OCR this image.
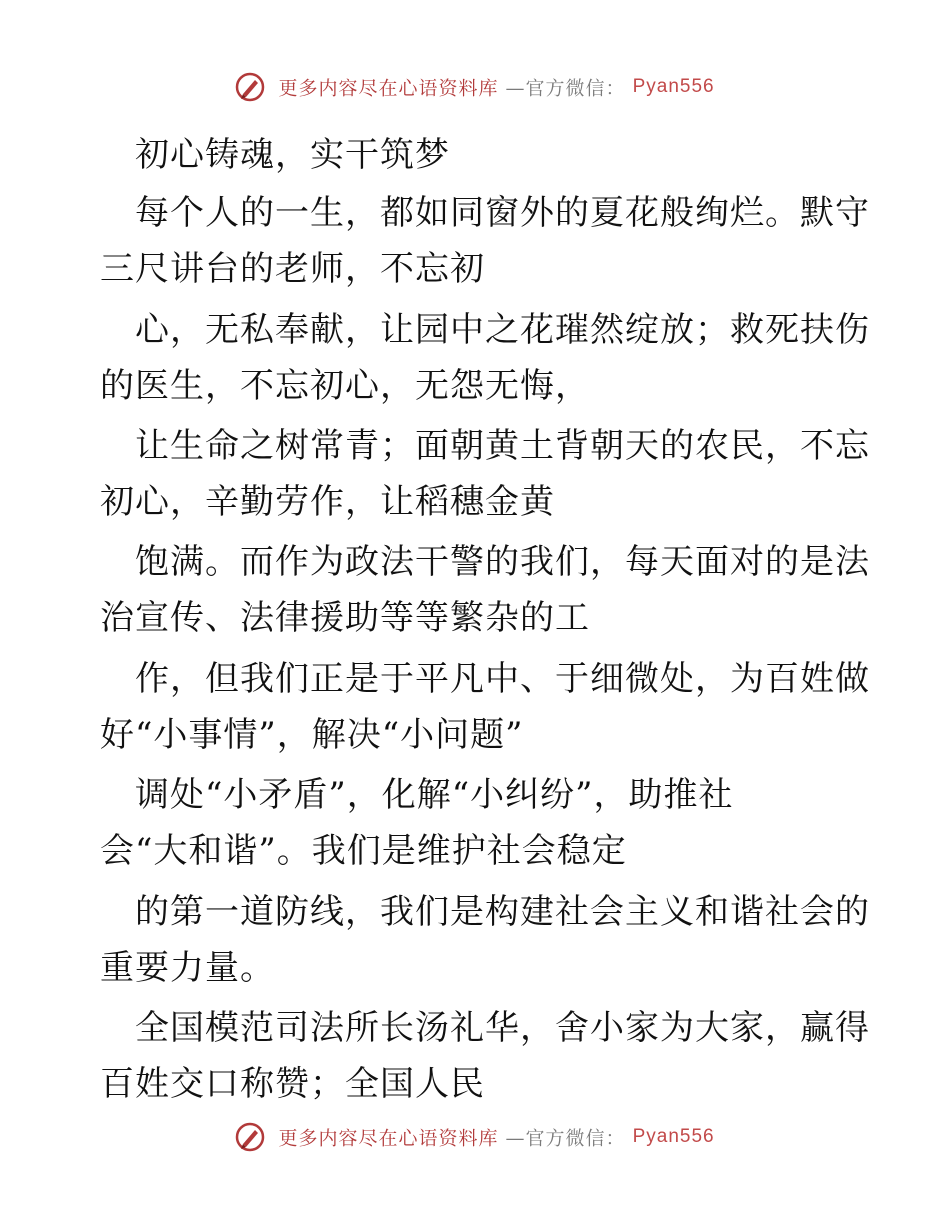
更多内容尽在心语资料库 —官方微信： Pyan556
初心铸魂，实干筑梦
每个人的一生，都如同窗外的夏花般绚烂。默守
三尺讲台的老师，不忘初
心，无私奉献，让园中之花璀然绽放；救死扶伤
的医生，不忘初心，无怨无悔，
让生命之树常青；面朝黄土背朝天的农民，不忘
初心，辛勤劳作，让稻穗金黄
饱满。而作为政法干警的我们，每天面对的是法
治宣传、法律援助等等繁杂的工
作，但我们正是于平凡中、于细微处，为百姓做
好“小事情”，解决“小问题”
调处“小矛盾”，化解“小纠纷”，助推社
会“大和谐”。我们是维护社会稳定
的第一道防线，我们是构建社会主义和谐社会的
重要力量。
全国模范司法所长汤礼华，舍小家为大家，赢得
百姓交口称赞；全国人民
更多内容尽在心语资料库 —官方微信： Pyan556
